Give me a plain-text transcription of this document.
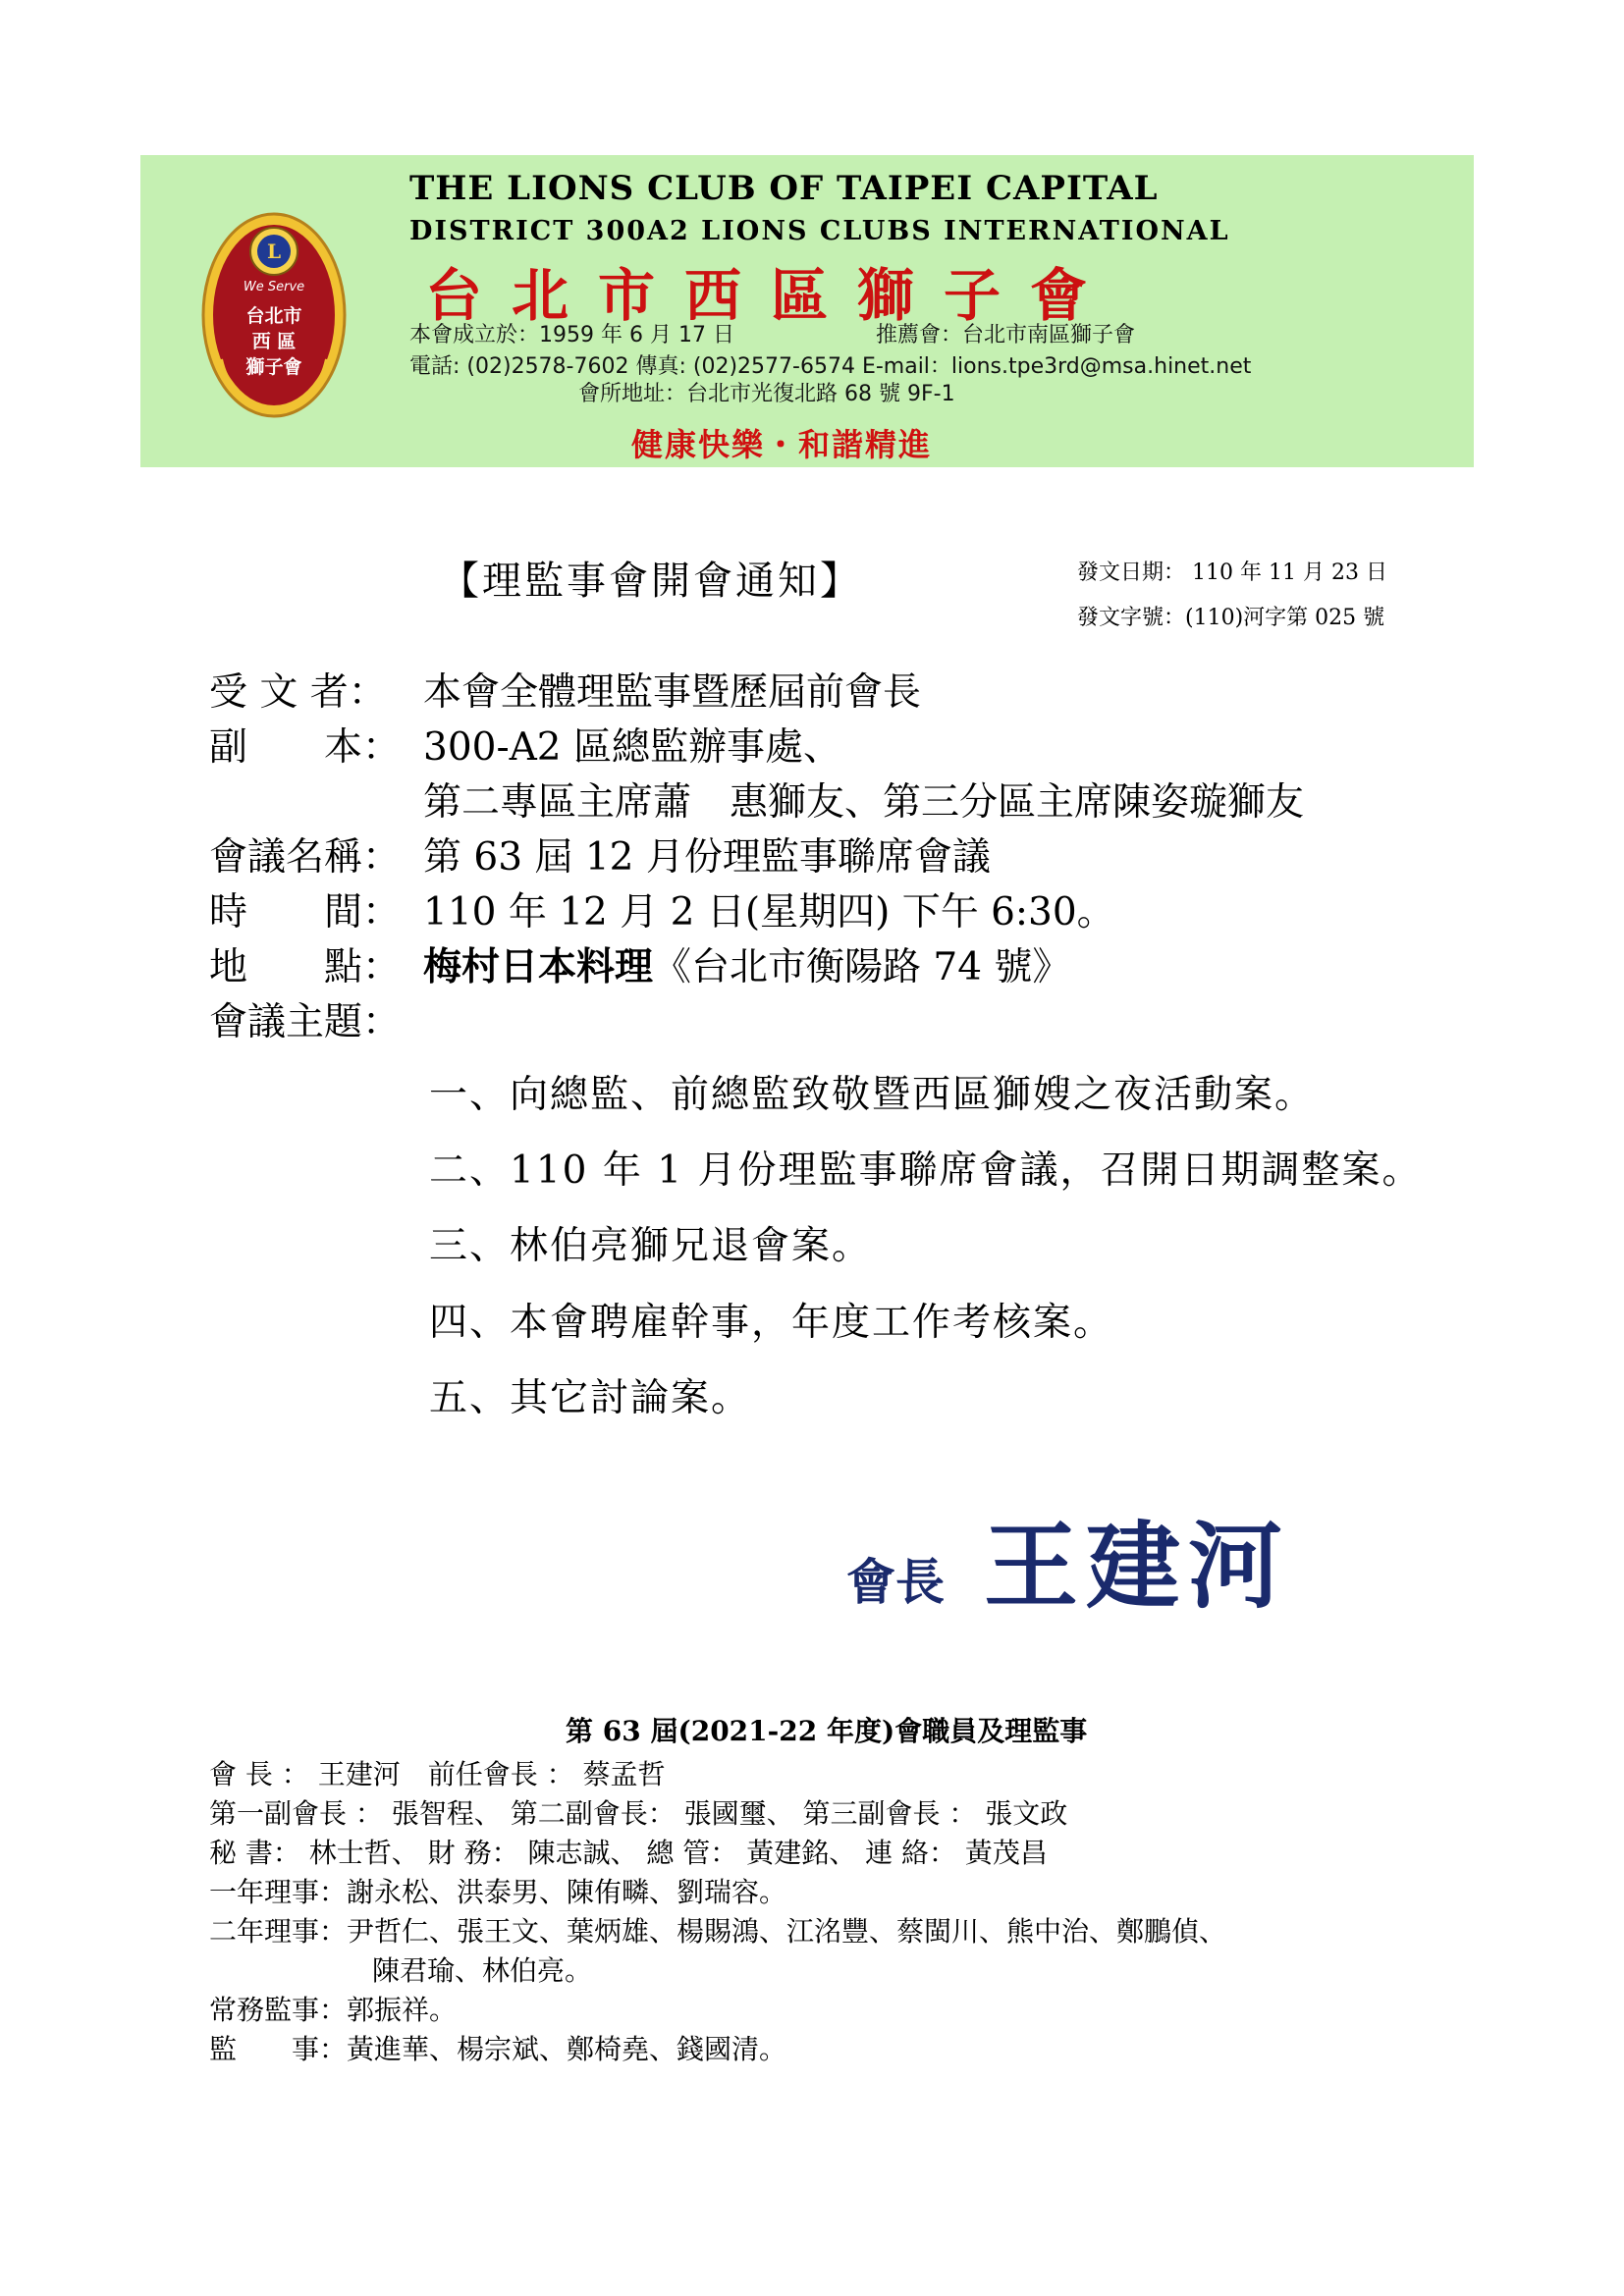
L
We Serve
台北市
西 區
獅子會
THE LIONS CLUB OF TAIPEI CAPITAL
DISTRICT 300A2 LIONS CLUBS INTERNATIONAL
台北市西區獅子會
本會成立於：1959 年 6 月 17 日	推薦會：台北市南區獅子會
電話: (02)2578-7602 傳真: (02)2577-6574 E-mail：lions.tpe3rd@msa.hinet.net
會所地址：台北市光復北路 68 號 9F-1
健康快樂・和諧精進
【理監事會開會通知】	發文日期： 110 年 11 月 23 日
發文字號：(110)河字第 025 號
受 文 者： 本會全體理監事暨歷屆前會長
副　　本： 300-A2 區總監辦事處、
第二專區主席蕭　惠獅友、第三分區主席陳姿璇獅友
會議名稱： 第 63 屆 12 月份理監事聯席會議
時　　間： 110 年 12 月 2 日(星期四) 下午 6:30。
地　　點： 梅村日本料理《台北市衡陽路 74 號》
會議主題：
一、向總監、前總監致敬暨西區獅嫂之夜活動案。
二、110 年 1 月份理監事聯席會議，召開日期調整案。
三、林伯亮獅兄退會案。
四、本會聘雇幹事，年度工作考核案。
五、其它討論案。
會長 王建河
第 63 屆(2021-22 年度)會職員及理監事
會 長 ： 王建河　前任會長 ： 蔡孟哲
第一副會長 ： 張智程、 第二副會長： 張國璽、 第三副會長 ： 張文政
秘 書： 林士哲、 財 務： 陳志誠、 總 管： 黃建銘、 連 絡： 黃茂昌
一年理事：謝永松、洪泰男、陳侑疄、劉瑞容。
二年理事：尹哲仁、張王文、葉炳雄、楊賜鴻、江洺豐、蔡閩川、熊中治、鄭鵬偵、
陳君瑜、林伯亮。
常務監事：郭振祥。
監　　事：黃進華、楊宗斌、鄭椅堯、錢國清。
